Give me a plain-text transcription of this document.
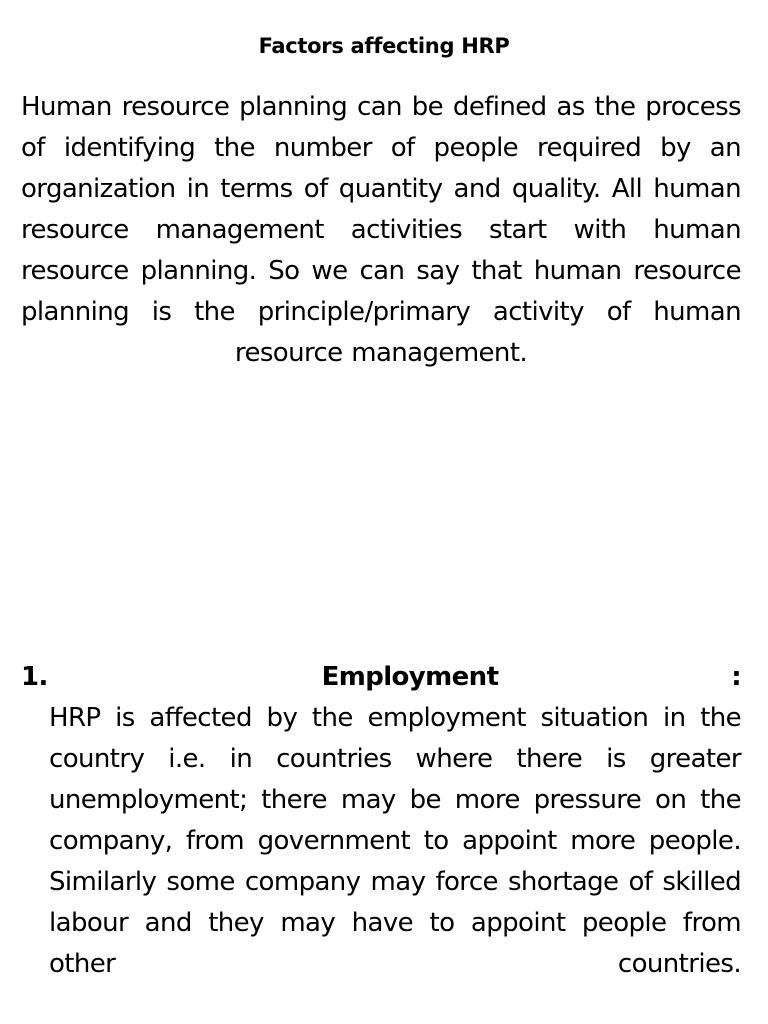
Factors affecting HRP

Human resource planning can be defined as the process of identifying the number of people required by an organization in terms of quantity and quality. All human resource management activities start with human resource planning. So we can say that human resource planning is the principle/primary activity of human resource management.

1.	Employment	:

HRP is affected by the employment situation in the country i.e. in countries where there is greater unemployment; there may be more pressure on the company, from government to appoint more people. Similarly some company may force shortage of skilled labour and they may have to appoint people from other countries.
